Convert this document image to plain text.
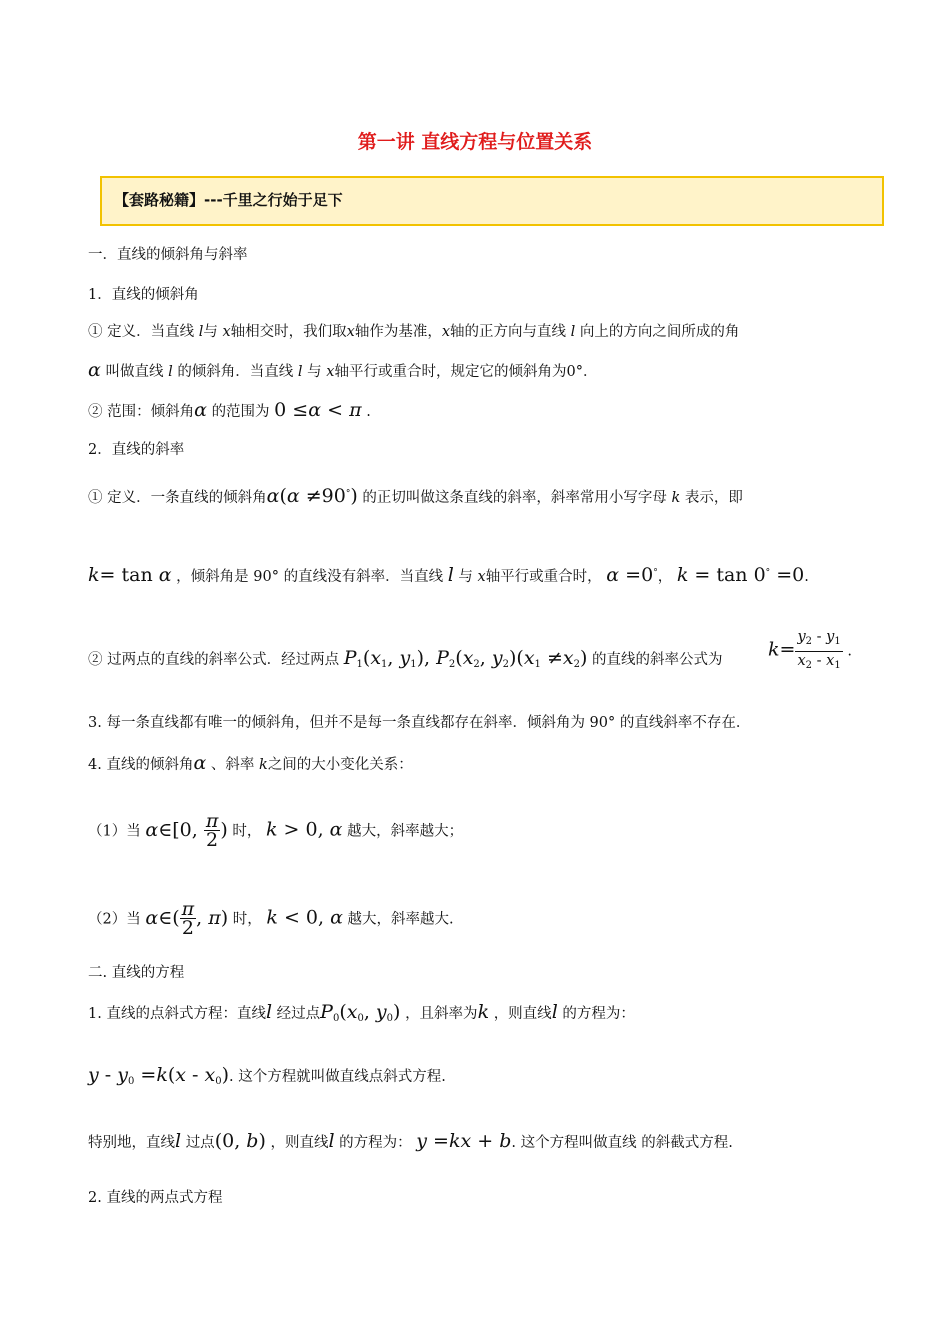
第一讲 直线方程与位置关系
【套路秘籍】---千里之行始于足下
一．直线的倾斜角与斜率
1．直线的倾斜角
① 定义．当直线 l与 x轴相交时，我们取x轴作为基准，x轴的正方向与直线 l 向上的方向之间所成的角
α 叫做直线 l 的倾斜角．当直线 l 与 x轴平行或重合时，规定它的倾斜角为0°．
② 范围：倾斜角α 的范围为 0 ≤α < π .
2．直线的斜率
① 定义．一条直线的倾斜角α(α ≠90°) 的正切叫做这条直线的斜率，斜率常用小写字母 k 表示，即
k= tan α ，倾斜角是 90° 的直线没有斜率．当直线 l 与 x轴平行或重合时， α =0°， k = tan 0° =0.
② 过两点的直线的斜率公式．经过两点 $P_1(x_1$, $y_1$), $P_2(x_2$, $y_2)(x_1 \ne x_2)$ 的直线的斜率公式为 $k= \frac{y_2 - y_1}{x_2 - x_1}$ .
3. 每一条直线都有唯一的倾斜角，但并不是每一条直线都存在斜率．倾斜角为 90° 的直线斜率不存在．
4. 直线的倾斜角α 、斜率 k之间的大小变化关系：
（1）当 α∈[0, $\frac{\pi}{2}$ ) 时， k > 0, α 越大，斜率越大；
（2）当 α∈( $\frac{\pi}{2}$ , π) 时， k < 0, α 越大，斜率越大.
二. 直线的方程
1. 直线的点斜式方程：直线l 经过点$P_0(x_0$, $y_0$) ，且斜率为k ，则直线l 的方程为：
$y - y_0 =k(x - x_0)$. 这个方程就叫做直线点斜式方程.
特别地，直线l 过点(0, b) ，则直线l 的方程为： y =kx + b. 这个方程叫做直线 的斜截式方程.
2. 直线的两点式方程
